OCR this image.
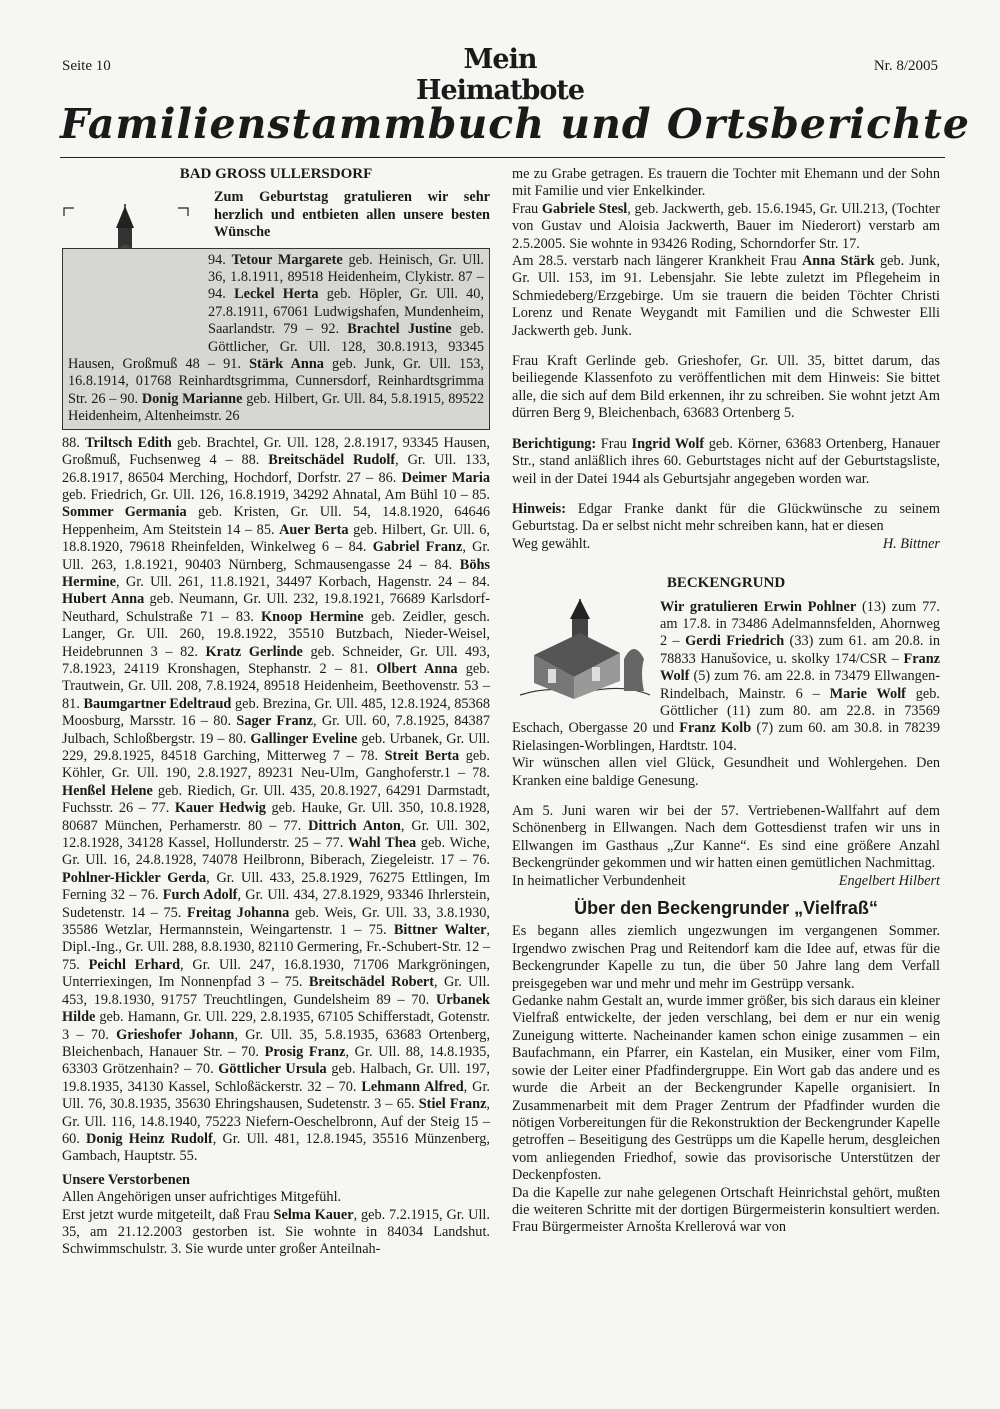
Seite 10	Mein Heimatbote
Nr. 8/2005
Familienstammbuch und Ortsberichte
BAD GROSS ULLERSDORF
Zum Geburtstag gratulieren wir sehr herzlich und entbieten allen unsere besten Wünsche

94. Tetour Margarete geb. Heinisch, Gr. Ull. 36, 1.8.1911, 89518 Heidenheim, Clykistr. 87 – 94. Leckel Herta geb. Höpler, Gr. Ull. 40, 27.8.1911, 67061 Ludwigshafen, Mundenheim, Saarlandstr. 79 – 92. Brachtel Justine geb. Göttlicher, Gr. Ull. 128, 30.8.1913, 93345 Hausen, Großmuß 48 – 91. Stärk Anna geb. Junk, Gr. Ull. 153, 16.8.1914, 01768 Reinhardtsgrimma, Cunnersdorf, Reinhardtsgrimma Str. 26 – 90. Donig Marianne geb. Hilbert, Gr. Ull. 84, 5.8.1915, 89522 Heidenheim, Altenheimstr. 26

88. Triltsch Edith geb. Brachtel, Gr. Ull. 128, 2.8.1917, 93345 Hausen, Großmuß, Fuchsenweg 4 – 88. Breitschädel Rudolf, Gr. Ull. 133, 26.8.1917, 86504 Merching, Hochdorf, Dorfstr. 27 – 86. Deimer Maria geb. Friedrich, Gr. Ull. 126, 16.8.1919, 34292 Ahnatal, Am Bühl 10 – 85. Sommer Germania geb. Kristen, Gr. Ull. 54, 14.8.1920, 64646 Heppenheim, Am Steitstein 14 – 85. Auer Berta geb. Hilbert, Gr. Ull. 6, 18.8.1920, 79618 Rheinfelden, Winkelweg 6 – 84. Gabriel Franz, Gr. Ull. 263, 1.8.1921, 90403 Nürnberg, Schmausengasse 24 – 84. Böhs Hermine, Gr. Ull. 261, 11.8.1921, 34497 Korbach, Hagenstr. 24 – 84. Hubert Anna geb. Neumann, Gr. Ull. 232, 19.8.1921, 76689 Karlsdorf-Neuthard, Schulstraße 71 – 83. Knoop Hermine geb. Zeidler, gesch. Langer, Gr. Ull. 260, 19.8.1922, 35510 Butzbach, Nieder-Weisel, Heidebrunnen 3 – 82. Kratz Gerlinde geb. Schneider, Gr. Ull. 493, 7.8.1923, 24119 Kronshagen, Stephanstr. 2 – 81. Olbert Anna geb. Trautwein, Gr. Ull. 208, 7.8.1924, 89518 Heidenheim, Beethovenstr. 53 – 81. Baumgartner Edeltraud geb. Brezina, Gr. Ull. 485, 12.8.1924, 85368 Moosburg, Marsstr. 16 – 80. Sager Franz, Gr. Ull. 60, 7.8.1925, 84387 Julbach, Schloßbergstr. 19 – 80. Gallinger Eveline geb. Urbanek, Gr. Ull. 229, 29.8.1925, 84518 Garching, Mitterweg 7 – 78. Streit Berta geb. Köhler, Gr. Ull. 190, 2.8.1927, 89231 Neu-Ulm, Ganghoferstr.1 – 78. Henßel Helene geb. Riedich, Gr. Ull. 435, 20.8.1927, 64291 Darmstadt, Fuchsstr. 26 – 77. Kauer Hedwig geb. Hauke, Gr. Ull. 350, 10.8.1928, 80687 München, Perhamerstr. 80 – 77. Dittrich Anton, Gr. Ull. 302, 12.8.1928, 34128 Kassel, Hollunderstr. 25 – 77. Wahl Thea geb. Wiche, Gr. Ull. 16, 24.8.1928, 74078 Heilbronn, Biberach, Ziegeleistr. 17 – 76. Pohlner-Hickler Gerda, Gr. Ull. 433, 25.8.1929, 76275 Ettlingen, Im Ferning 32 – 76. Furch Adolf, Gr. Ull. 434, 27.8.1929, 93346 Ihrlerstein, Sudetenstr. 14 – 75. Freitag Johanna geb. Weis, Gr. Ull. 33, 3.8.1930, 35586 Wetzlar, Hermannstein, Weingartenstr. 1 – 75. Bittner Walter, Dipl.-Ing., Gr. Ull. 288, 8.8.1930, 82110 Germering, Fr.-Schubert-Str. 12 – 75. Peichl Erhard, Gr. Ull. 247, 16.8.1930, 71706 Markgröningen, Unterriexingen, Im Nonnenpfad 3 – 75. Breitschädel Robert, Gr. Ull. 453, 19.8.1930, 91757 Treuchtlingen, Gundelsheim 89 – 70. Urbanek Hilde geb. Hamann, Gr. Ull. 229, 2.8.1935, 67105 Schifferstadt, Gotenstr. 3 – 70. Grieshofer Johann, Gr. Ull. 35, 5.8.1935, 63683 Ortenberg, Bleichenbach, Hanauer Str. – 70. Prosig Franz, Gr. Ull. 88, 14.8.1935, 63303 Grötzenhain? – 70. Göttlicher Ursula geb. Halbach, Gr. Ull. 197, 19.8.1935, 34130 Kassel, Schloßäckerstr. 32 – 70. Lehmann Alfred, Gr. Ull. 76, 30.8.1935, 35630 Ehringshausen, Sudetenstr. 3 – 65. Stiel Franz, Gr. Ull. 116, 14.8.1940, 75223 Niefern-Oeschelbronn, Auf der Steig 15 – 60. Donig Heinz Rudolf, Gr. Ull. 481, 12.8.1945, 35516 Münzenberg, Gambach, Hauptstr. 55.

Unsere Verstorbenen

Allen Angehörigen unser aufrichtiges Mitgefühl.

Erst jetzt wurde mitgeteilt, daß Frau Selma Kauer, geb. 7.2.1915, Gr. Ull. 35, am 21.12.2003 gestorben ist. Sie wohnte in 84034 Landshut. Schwimmschulstr. 3. Sie wurde unter großer Anteilnah-

me zu Grabe getragen. Es trauern die Tochter mit Ehemann und der Sohn mit Familie und vier Enkelkinder.

Frau Gabriele Stesl, geb. Jackwerth, geb. 15.6.1945, Gr. Ull.213, (Tochter von Gustav und Aloisia Jackwerth, Bauer im Niederort) verstarb am 2.5.2005. Sie wohnte in 93426 Roding, Schorndorfer Str. 17.

Am 28.5. verstarb nach längerer Krankheit Frau Anna Stärk geb. Junk, Gr. Ull. 153, im 91. Lebensjahr. Sie lebte zuletzt im Pflegeheim in Schmiedeberg/Erzgebirge. Um sie trauern die beiden Töchter Christi Lorenz und Renate Weygandt mit Familien und die Schwester Elli Jackwerth geb. Junk.

Frau Kraft Gerlinde geb. Grieshofer, Gr. Ull. 35, bittet darum, das beiliegende Klassenfoto zu veröffentlichen mit dem Hinweis: Sie bittet alle, die sich auf dem Bild erkennen, ihr zu schreiben. Sie wohnt jetzt Am dürren Berg 9, Bleichenbach, 63683 Ortenberg 5.

Berichtigung: Frau Ingrid Wolf geb. Körner, 63683 Ortenberg, Hanauer Str., stand anläßlich ihres 60. Geburtstages nicht auf der Geburtstagsliste, weil in der Datei 1944 als Geburtsjahr angegeben worden war.

Hinweis: Edgar Franke dankt für die Glückwünsche zu seinem Geburtstag. Da er selbst nicht mehr schreiben kann, hat er diesen

Weg gewählt.	H. Bittner
BECKENGRUND

Wir gratulieren Erwin Pohlner (13) zum 77. am 17.8. in 73486 Adelmannsfelden, Ahornweg 2 – Gerdi Friedrich (33) zum 61. am 20.8. in 78833 Hanušovice, u. skolky 174/CSR – Franz Wolf (5) zum 76. am 22.8. in 73479 Ellwangen-Rindelbach, Mainstr. 6 – Marie Wolf geb. Göttlicher (11) zum 80. am 22.8. in 73569 Eschach, Obergasse 20 und Franz Kolb (7) zum 60. am 30.8. in 78239 Rielasingen-Worblingen, Hardtstr. 104.

Wir wünschen allen viel Glück, Gesundheit und Wohlergehen. Den Kranken eine baldige Genesung.

Am 5. Juni waren wir bei der 57. Vertriebenen-Wallfahrt auf dem Schönenberg in Ellwangen. Nach dem Gottesdienst trafen wir uns in Ellwangen im Gasthaus „Zur Kanne“. Es sind eine größere Anzahl Beckengründer gekommen und wir hatten einen gemütlichen Nachmittag.

In heimatlicher Verbundenheit	Engelbert Hilbert
Über den Beckengrunder „Vielfraß“

Es begann alles ziemlich ungezwungen im vergangenen Sommer. Irgendwo zwischen Prag und Reitendorf kam die Idee auf, etwas für die Beckengrunder Kapelle zu tun, die über 50 Jahre lang dem Verfall preisgegeben war und mehr und mehr im Gestrüpp versank.

Gedanke nahm Gestalt an, wurde immer größer, bis sich daraus ein kleiner Vielfraß entwickelte, der jeden verschlang, bei dem er nur ein wenig Zuneigung witterte. Nacheinander kamen schon einige zusammen – ein Baufachmann, ein Pfarrer, ein Kastelan, ein Musiker, einer vom Film, sowie der Leiter einer Pfadfindergruppe. Ein Wort gab das andere und es wurde die Arbeit an der Beckengrunder Kapelle organisiert. In Zusammenarbeit mit dem Prager Zentrum der Pfadfinder wurden die nötigen Vorbereitungen für die Rekonstruktion der Beckengrunder Kapelle getroffen – Beseitigung des Gestrüpps um die Kapelle herum, desgleichen vom anliegenden Friedhof, sowie das provisorische Unterstützen der Deckenpfosten.

Da die Kapelle zur nahe gelegenen Ortschaft Heinrichstal gehört, mußten die weiteren Schritte mit der dortigen Bürgermeisterin konsultiert werden. Frau Bürgermeister Arnošta Krellerová war von
